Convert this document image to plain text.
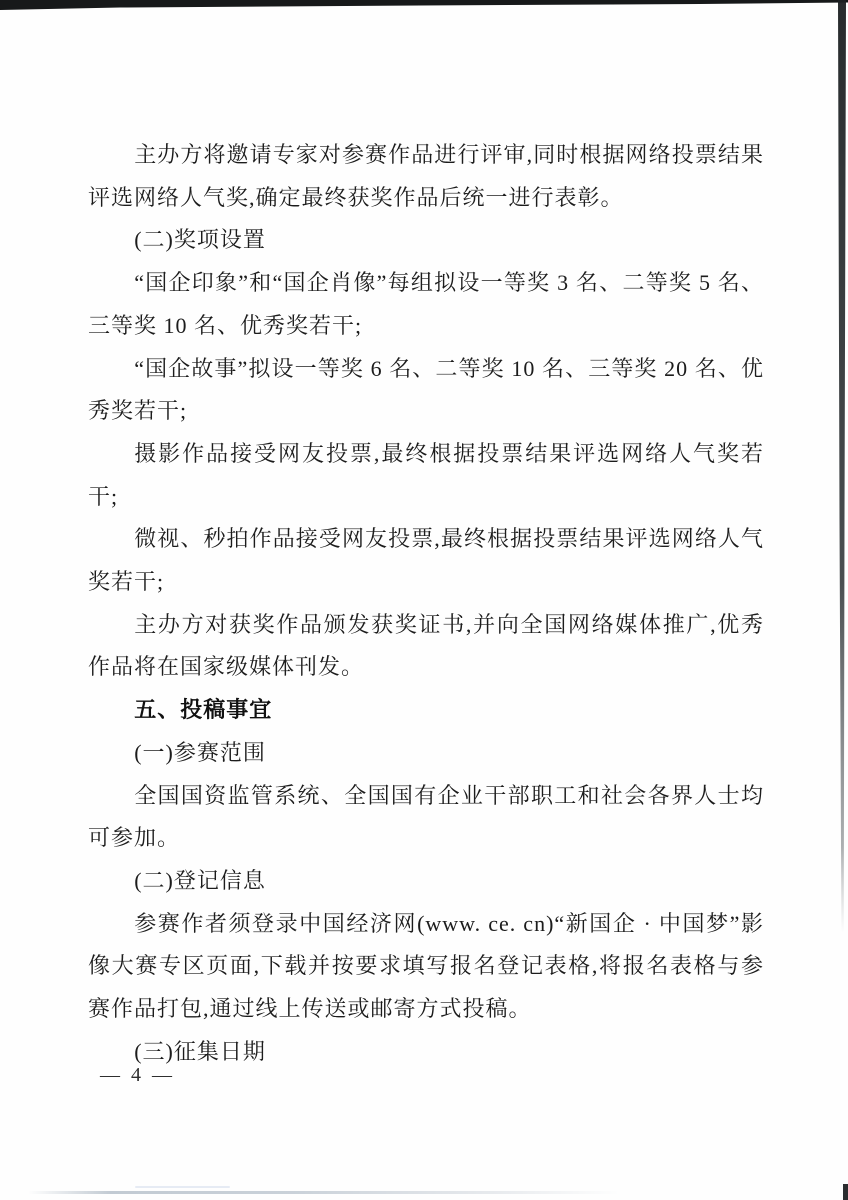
主办方将邀请专家对参赛作品进行评审,同时根据网络投票结果评选网络人气奖,确定最终获奖作品后统一进行表彰。

(二)奖项设置

“国企印象”和“国企肖像”每组拟设一等奖 3 名、二等奖 5 名、三等奖 10 名、优秀奖若干;

“国企故事”拟设一等奖 6 名、二等奖 10 名、三等奖 20 名、优秀奖若干;

摄影作品接受网友投票,最终根据投票结果评选网络人气奖若干;

微视、秒拍作品接受网友投票,最终根据投票结果评选网络人气奖若干;

主办方对获奖作品颁发获奖证书,并向全国网络媒体推广,优秀作品将在国家级媒体刊发。

五、投稿事宜

(一)参赛范围

全国国资监管系统、全国国有企业干部职工和社会各界人士均可参加。

(二)登记信息

参赛作者须登录中国经济网(www. ce. cn)“新国企 · 中国梦”影像大赛专区页面,下载并按要求填写报名登记表格,将报名表格与参赛作品打包,通过线上传送或邮寄方式投稿。

(三)征集日期

— 4 —
